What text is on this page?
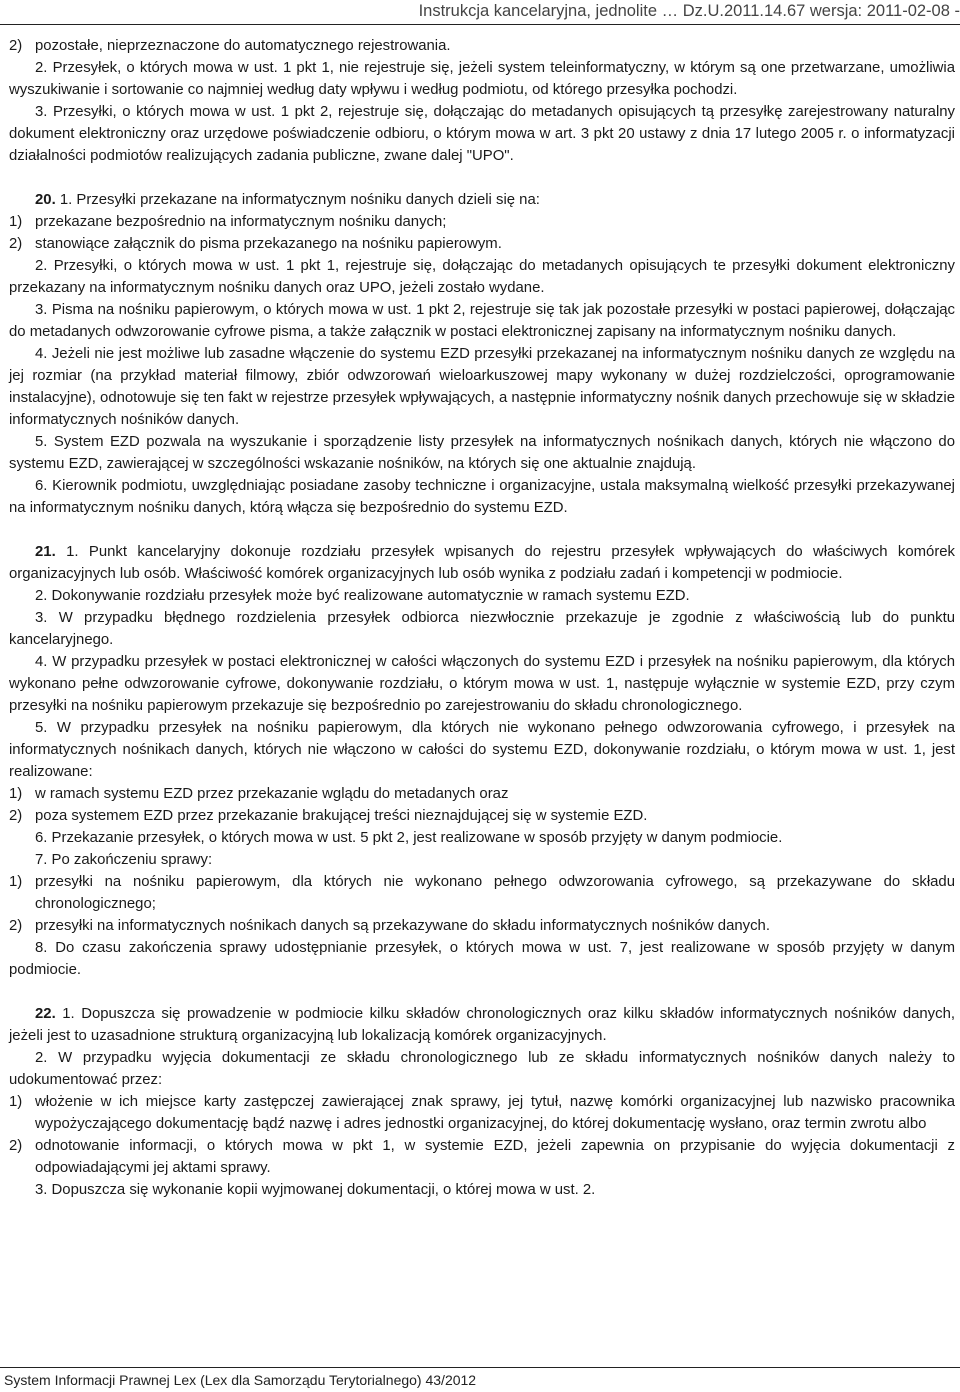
Instrukcja kancelaryjna, jednolite … Dz.U.2011.14.67 wersja: 2011-02-08 -

2) pozostałe, nieprzeznaczone do automatycznego rejestrowania.

2. Przesyłek, o których mowa w ust. 1 pkt 1, nie rejestruje się, jeżeli system teleinformatyczny, w którym są one przetwarzane, umożliwia wyszukiwanie i sortowanie co najmniej według daty wpływu i według podmiotu, od którego przesyłka pochodzi.

3. Przesyłki, o których mowa w ust. 1 pkt 2, rejestruje się, dołączając do metadanych opisujących tą przesyłkę zarejestrowany naturalny dokument elektroniczny oraz urzędowe poświadczenie odbioru, o którym mowa w art. 3 pkt 20 ustawy z dnia 17 lutego 2005 r. o informatyzacji działalności podmiotów realizujących zadania publiczne, zwane dalej "UPO".

20. 1. Przesyłki przekazane na informatycznym nośniku danych dzieli się na:

1) przekazane bezpośrednio na informatycznym nośniku danych;

2) stanowiące załącznik do pisma przekazanego na nośniku papierowym.

2. Przesyłki, o których mowa w ust. 1 pkt 1, rejestruje się, dołączając do metadanych opisujących te przesyłki dokument elektroniczny przekazany na informatycznym nośniku danych oraz UPO, jeżeli zostało wydane.

3. Pisma na nośniku papierowym, o których mowa w ust. 1 pkt 2, rejestruje się tak jak pozostałe przesyłki w postaci papierowej, dołączając do metadanych odwzorowanie cyfrowe pisma, a także załącznik w postaci elektronicznej zapisany na informatycznym nośniku danych.

4. Jeżeli nie jest możliwe lub zasadne włączenie do systemu EZD przesyłki przekazanej na informatycznym nośniku danych ze względu na jej rozmiar (na przykład materiał filmowy, zbiór odwzorowań wieloarkuszowej mapy wykonany w dużej rozdzielczości, oprogramowanie instalacyjne), odnotowuje się ten fakt w rejestrze przesyłek wpływających, a następnie informatyczny nośnik danych przechowuje się w składzie informatycznych nośników danych.

5. System EZD pozwala na wyszukanie i sporządzenie listy przesyłek na informatycznych nośnikach danych, których nie włączono do systemu EZD, zawierającej w szczególności wskazanie nośników, na których się one aktualnie znajdują.

6. Kierownik podmiotu, uwzględniając posiadane zasoby techniczne i organizacyjne, ustala maksymalną wielkość przesyłki przekazywanej na informatycznym nośniku danych, którą włącza się bezpośrednio do systemu EZD.

21. 1. Punkt kancelaryjny dokonuje rozdziału przesyłek wpisanych do rejestru przesyłek wpływających do właściwych komórek organizacyjnych lub osób. Właściwość komórek organizacyjnych lub osób wynika z podziału zadań i kompetencji w podmiocie.

2. Dokonywanie rozdziału przesyłek może być realizowane automatycznie w ramach systemu EZD.

3. W przypadku błędnego rozdzielenia przesyłek odbiorca niezwłocznie przekazuje je zgodnie z właściwością lub do punktu kancelaryjnego.

4. W przypadku przesyłek w postaci elektronicznej w całości włączonych do systemu EZD i przesyłek na nośniku papierowym, dla których wykonano pełne odwzorowanie cyfrowe, dokonywanie rozdziału, o którym mowa w ust. 1, następuje wyłącznie w systemie EZD, przy czym przesyłki na nośniku papierowym przekazuje się bezpośrednio po zarejestrowaniu do składu chronologicznego.

5. W przypadku przesyłek na nośniku papierowym, dla których nie wykonano pełnego odwzorowania cyfrowego, i przesyłek na informatycznych nośnikach danych, których nie włączono w całości do systemu EZD, dokonywanie rozdziału, o którym mowa w ust. 1, jest realizowane:

1) w ramach systemu EZD przez przekazanie wglądu do metadanych oraz

2) poza systemem EZD przez przekazanie brakującej treści nieznajdującej się w systemie EZD.

6. Przekazanie przesyłek, o których mowa w ust. 5 pkt 2, jest realizowane w sposób przyjęty w danym podmiocie.

7. Po zakończeniu sprawy:

1) przesyłki na nośniku papierowym, dla których nie wykonano pełnego odwzorowania cyfrowego, są przekazywane do składu chronologicznego;

2) przesyłki na informatycznych nośnikach danych są przekazywane do składu informatycznych nośników danych.

8. Do czasu zakończenia sprawy udostępnianie przesyłek, o których mowa w ust. 7, jest realizowane w sposób przyjęty w danym podmiocie.

22. 1. Dopuszcza się prowadzenie w podmiocie kilku składów chronologicznych oraz kilku składów informatycznych nośników danych, jeżeli jest to uzasadnione strukturą organizacyjną lub lokalizacją komórek organizacyjnych.

2. W przypadku wyjęcia dokumentacji ze składu chronologicznego lub ze składu informatycznych nośników danych należy to udokumentować przez:

1) włożenie w ich miejsce karty zastępczej zawierającej znak sprawy, jej tytuł, nazwę komórki organizacyjnej lub nazwisko pracownika wypożyczającego dokumentację bądź nazwę i adres jednostki organizacyjnej, do której dokumentację wysłano, oraz termin zwrotu albo

2) odnotowanie informacji, o których mowa w pkt 1, w systemie EZD, jeżeli zapewnia on przypisanie do wyjęcia dokumentacji z odpowiadającymi jej aktami sprawy.

3. Dopuszcza się wykonanie kopii wyjmowanej dokumentacji, o której mowa w ust. 2.

System Informacji Prawnej Lex (Lex dla Samorządu Terytorialnego) 43/2012
